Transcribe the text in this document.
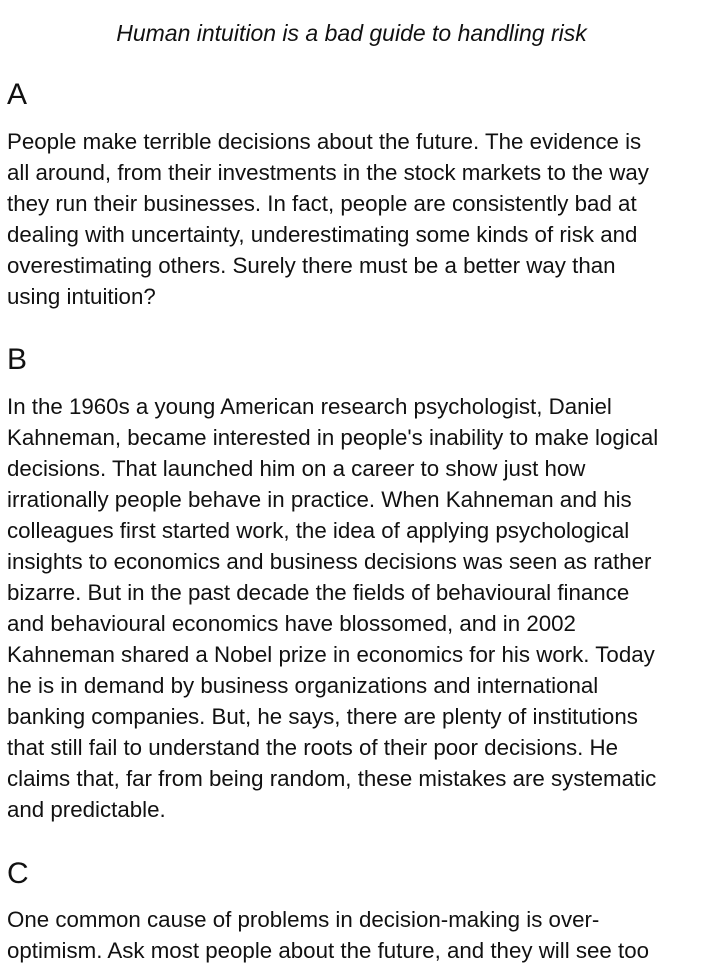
Human intuition is a bad guide to handling risk
A

People make terrible decisions about the future. The evidence is
all around, from their investments in the stock markets to the way
they run their businesses. In fact, people are consistently bad at
dealing with uncertainty, underestimating some kinds of risk and
overestimating others. Surely there must be a better way than
using intuition?

B

In the 1960s a young American research psychologist, Daniel
Kahneman, became interested in people's inability to make logical
decisions. That launched him on a career to show just how
irrationally people behave in practice. When Kahneman and his
colleagues first started work, the idea of applying psychological
insights to economics and business decisions was seen as rather
bizarre. But in the past decade the fields of behavioural finance
and behavioural economics have blossomed, and in 2002
Kahneman shared a Nobel prize in economics for his work. Today
he is in demand by business organizations and international
banking companies. But, he says, there are plenty of institutions
that still fail to understand the roots of their poor decisions. He
claims that, far from being random, these mistakes are systematic
and predictable.

C

One common cause of problems in decision-making is over-
optimism. Ask most people about the future, and they will see too
